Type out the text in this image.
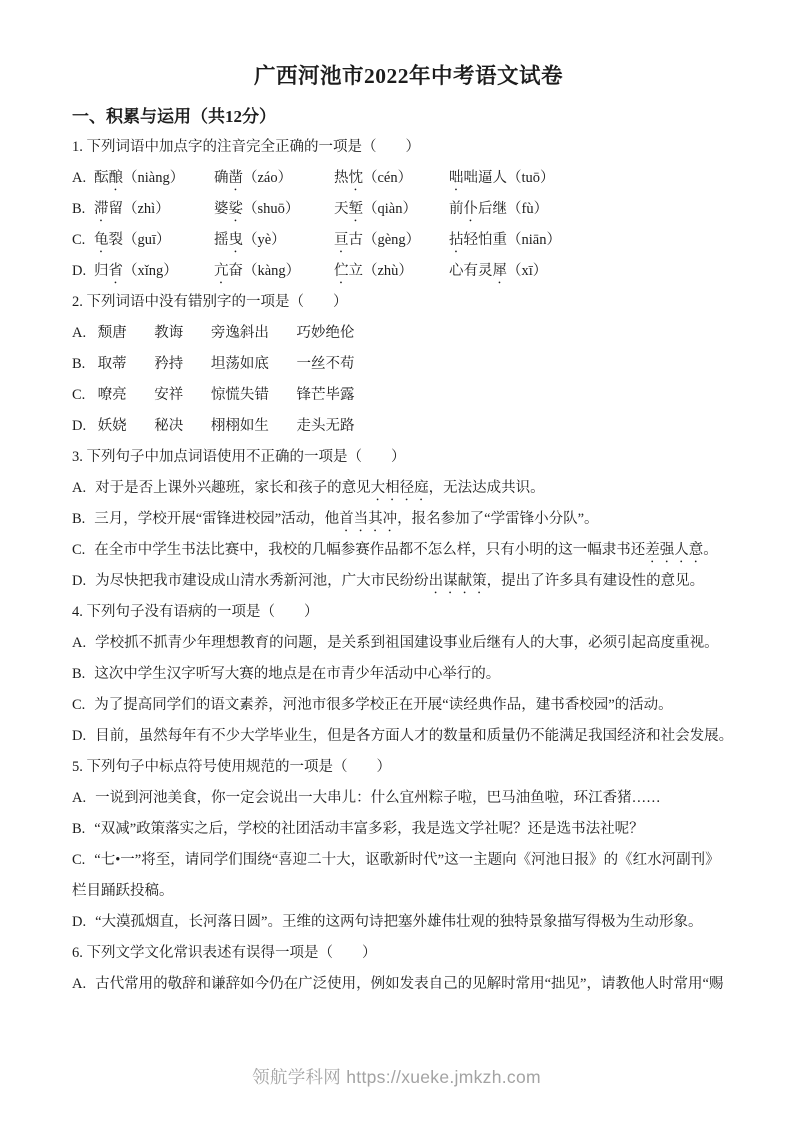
广西河池市2022年中考语文试卷
一、积累与运用（共12分）

1. 下列词语中加点字的注音完全正确的一项是（　　）

A. 酝酿（niàng）	确凿（záo）	热忱（cén）	咄咄逼人（tuō）
B. 滞留（zhì）	婆娑（shuō）	天堑（qiàn）	前仆后继（fù）
C. 龟裂（guī）	摇曳（yè）	亘古（gèng）	拈轻怕重（niān）
D. 归省（xǐng）	亢奋（kàng）	伫立（zhù）	心有灵犀（xī）

2. 下列词语中没有错别字的一项是（　　）

A. 颓唐 教诲 旁逸斜出 巧妙绝伦
B. 取蒂 矜持 坦荡如底 一丝不苟
C. 嘹亮 安祥 惊慌失错 锋芒毕露
D. 妖娆 秘决 栩栩如生 走头无路

3. 下列句子中加点词语使用不正确的一项是（　　）

A. 对于是否上课外兴趣班，家长和孩子的意见大相径庭，无法达成共识。

B. 三月，学校开展“雷锋进校园”活动，他首当其冲，报名参加了“学雷锋小分队”。

C. 在全市中学生书法比赛中，我校的几幅参赛作品都不怎么样，只有小明的这一幅隶书还差强人意。

D. 为尽快把我市建设成山清水秀新河池，广大市民纷纷出谋献策，提出了许多具有建设性的意见。

4. 下列句子没有语病的一项是（　　）

A. 学校抓不抓青少年理想教育的问题，是关系到祖国建设事业后继有人的大事，必须引起高度重视。

B. 这次中学生汉字听写大赛的地点是在市青少年活动中心举行的。

C. 为了提高同学们的语文素养，河池市很多学校正在开展“读经典作品，建书香校园”的活动。

D. 目前，虽然每年有不少大学毕业生，但是各方面人才的数量和质量仍不能满足我国经济和社会发展。

5. 下列句子中标点符号使用规范的一项是（　　）

A. 一说到河池美食，你一定会说出一大串儿：什么宜州粽子啦，巴马油鱼啦，环江香猪……

B. “双减”政策落实之后，学校的社团活动丰富多彩，我是选文学社呢？还是选书法社呢？

C. “七•一”将至，请同学们围绕“喜迎二十大，讴歌新时代”这一主题向《河池日报》的《红水河副刊》

栏目踊跃投稿。

D. “大漠孤烟直，长河落日圆”。王维的这两句诗把塞外雄伟壮观的独特景象描写得极为生动形象。

6. 下列文学文化常识表述有误得一项是（　　）

A. 古代常用的敬辞和谦辞如今仍在广泛使用，例如发表自己的见解时常用“拙见”，请教他人时常用“赐

领航学科网 https://xueke.jmkzh.com
